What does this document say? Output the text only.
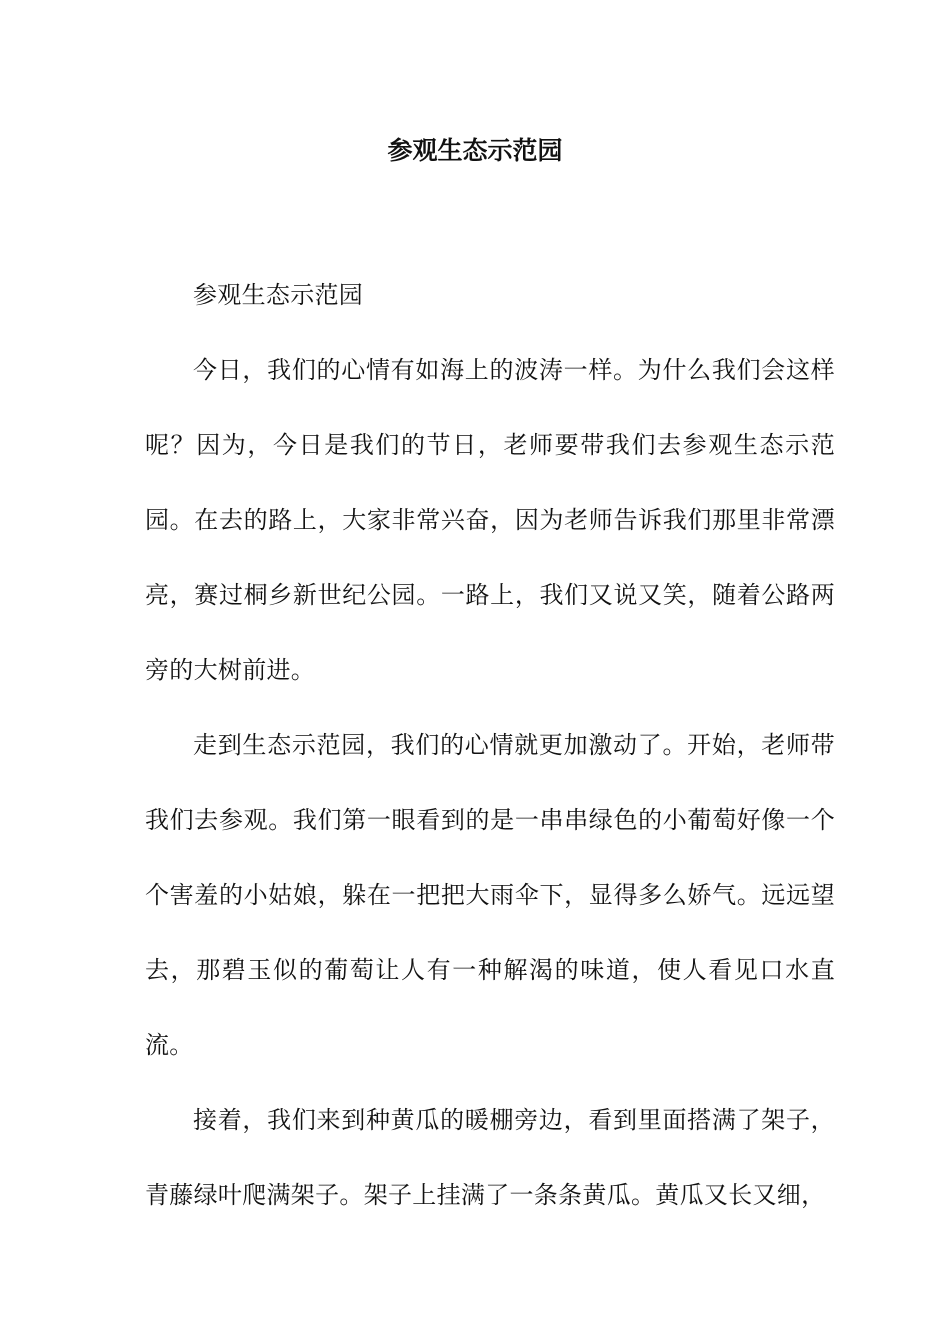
参观生态示范园

参观生态示范园

今日，我们的心情有如海上的波涛一样。为什么我们会这样呢？因为，今日是我们的节日，老师要带我们去参观生态示范园。在去的路上，大家非常兴奋，因为老师告诉我们那里非常漂亮，赛过桐乡新世纪公园。一路上，我们又说又笑，随着公路两旁的大树前进。

走到生态示范园，我们的心情就更加激动了。开始，老师带我们去参观。我们第一眼看到的是一串串绿色的小葡萄好像一个个害羞的小姑娘，躲在一把把大雨伞下，显得多么娇气。远远望去，那碧玉似的葡萄让人有一种解渴的味道，使人看见口水直流。

接着，我们来到种黄瓜的暖棚旁边，看到里面搭满了架子，青藤绿叶爬满架子。架子上挂满了一条条黄瓜。黄瓜又长又细，
